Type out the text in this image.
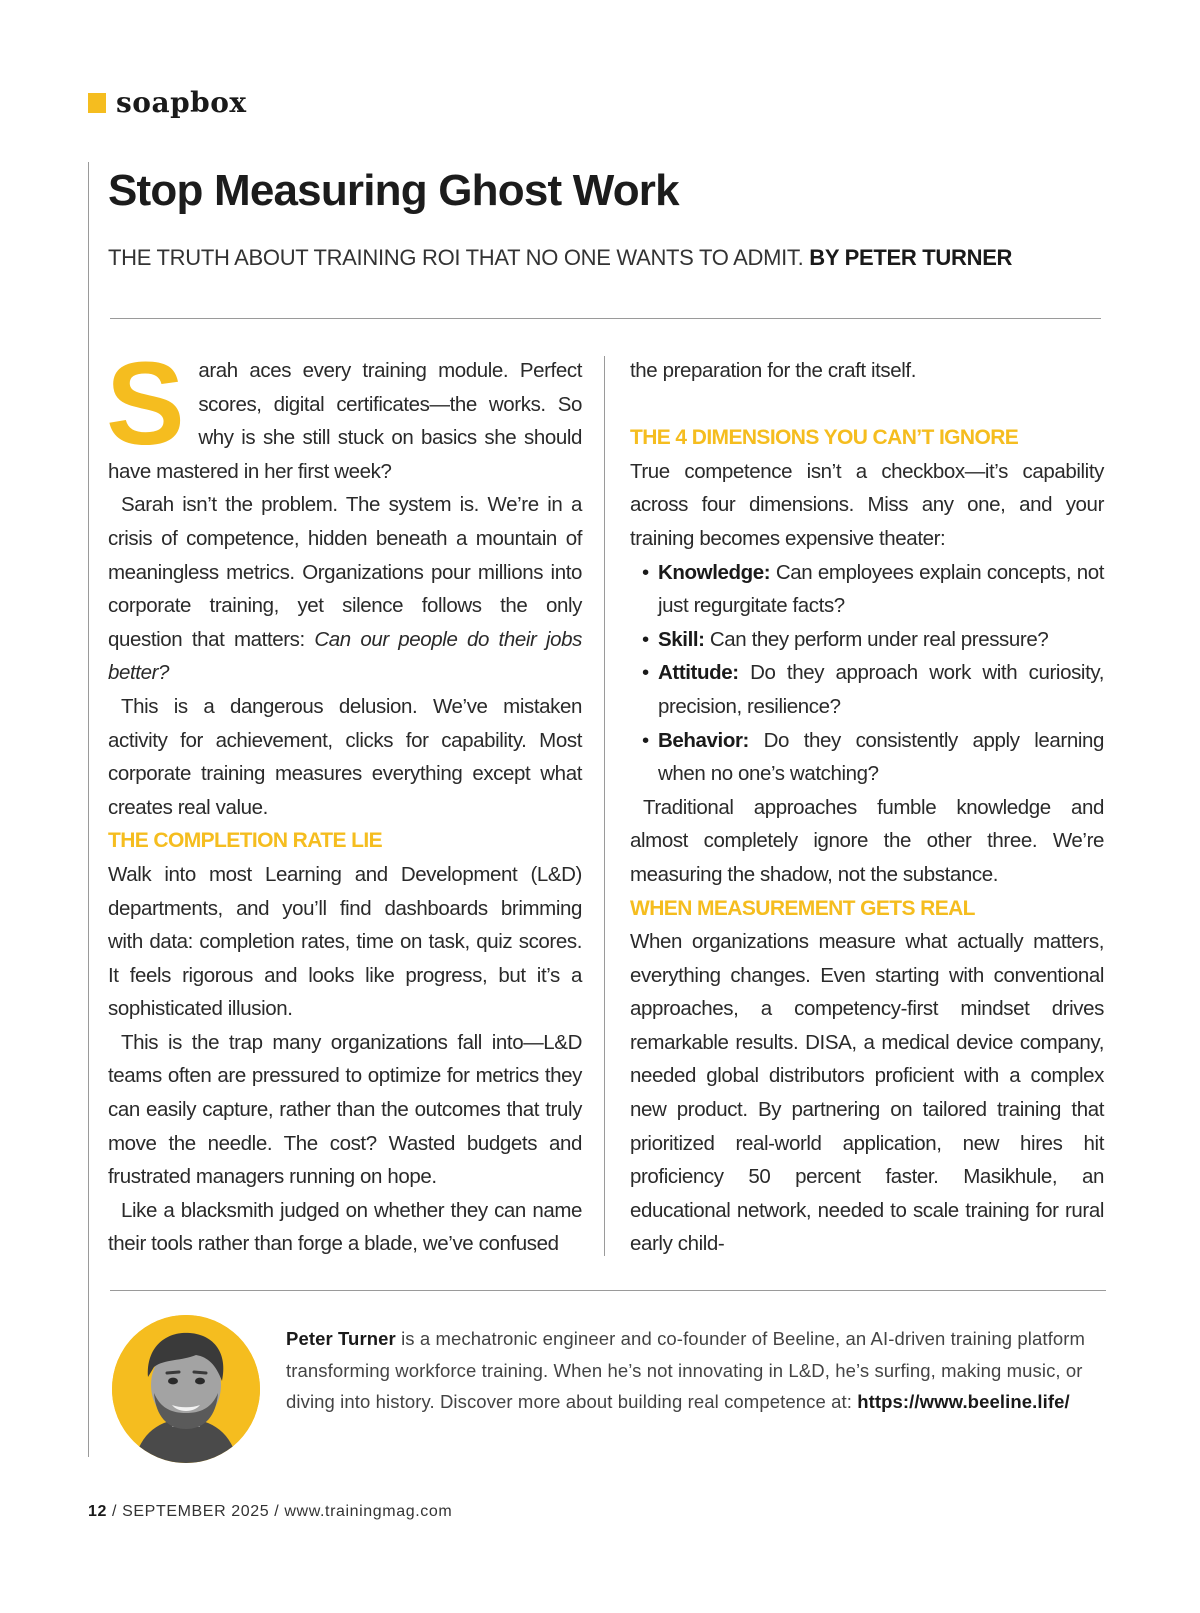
soapbox
Stop Measuring Ghost Work
THE TRUTH ABOUT TRAINING ROI THAT NO ONE WANTS TO ADMIT. BY PETER TURNER

Sarah aces every training module. Perfect scores, digital certificates—the works. So why is she still stuck on basics she should have mastered in her first week?

Sarah isn’t the problem. The system is. We’re in a crisis of competence, hidden beneath a mountain of meaningless metrics. Organizations pour millions into corporate training, yet silence follows the only question that matters: Can our people do their jobs better?

This is a dangerous delusion. We’ve mistaken activity for achievement, clicks for capability. Most corporate training measures everything except what creates real value.

THE COMPLETION RATE LIE

Walk into most Learning and Development (L&D) departments, and you’ll find dashboards brimming with data: completion rates, time on task, quiz scores. It feels rigorous and looks like progress, but it’s a sophisticated illusion.

This is the trap many organizations fall into—L&D teams often are pressured to optimize for metrics they can easily capture, rather than the outcomes that truly move the needle. The cost? Wasted budgets and frustrated managers running on hope.

Like a blacksmith judged on whether they can name their tools rather than forge a blade, we’ve confused

the preparation for the craft itself.

THE 4 DIMENSIONS YOU CAN’T IGNORE

True competence isn’t a checkbox—it’s capability across four dimensions. Miss any one, and your training becomes expensive theater:

• Knowledge: Can employees explain concepts, not just regurgitate facts?
• Skill: Can they perform under real pressure?
• Attitude: Do they approach work with curiosity, precision, resilience?
• Behavior: Do they consistently apply learning when no one’s watching?

Traditional approaches fumble knowledge and almost completely ignore the other three. We’re measuring the shadow, not the substance.

WHEN MEASUREMENT GETS REAL

When organizations measure what actually matters, everything changes. Even starting with conventional approaches, a competency-first mindset drives remarkable results. DISA, a medical device company, needed global distributors proficient with a complex new product. By partnering on tailored training that prioritized real-world application, new hires hit proficiency 50 percent faster. Masikhule, an educational network, needed to scale training for rural early child-

Peter Turner is a mechatronic engineer and co-founder of Beeline, an AI-driven training platform transforming workforce training. When he’s not innovating in L&D, he’s surfing, making music, or diving into history. Discover more about building real competence at: https://www.beeline.life/
12 / SEPTEMBER 2025 / www.trainingmag.com
